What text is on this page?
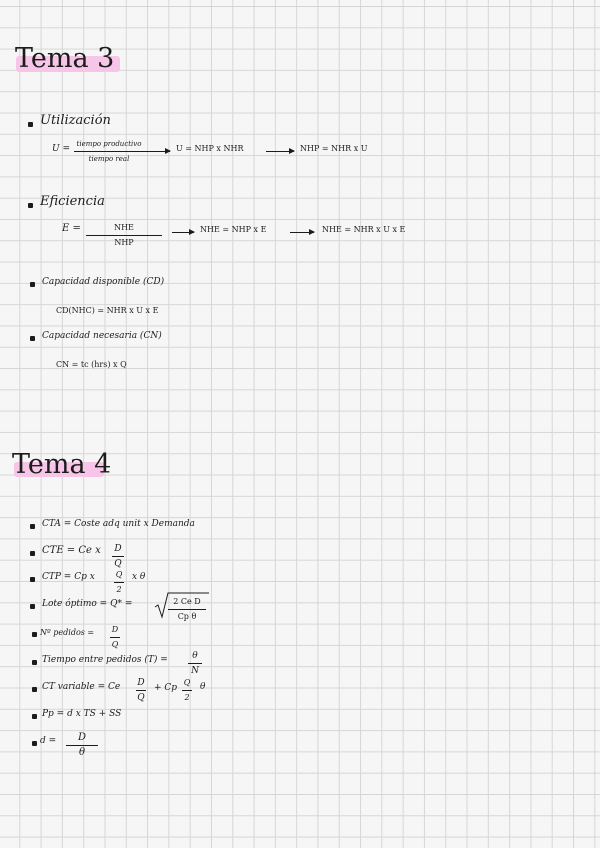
Tema 3
Utilización
U = tiempo productivo
tiempo real
U = NHP x NHR	NHP = NHR x U
Eficiencia
E =	NHE
NHP
NHE = NHP x E	NHE = NHR x U x E
Capacidad disponible (CD)
CD(NHC) = NHR x U x E
Capacidad necesaria (CN)
CN = tc (hrs) x Q
Tema 4
CTA = Coste adq unit x Demanda
CTE = Ce x D
Q
CTP = Cp x	Q
2
x θ
Lote óptimo = Q* =	2 Ce D
Cp θ
Nº pedidos = D
Q
Tiempo entre pedidos (T) =	θ
N
CT variable = Ce D
Q
+ Cp
Q
2
θ
Pp = d x TS + SS
d =	D
θ
